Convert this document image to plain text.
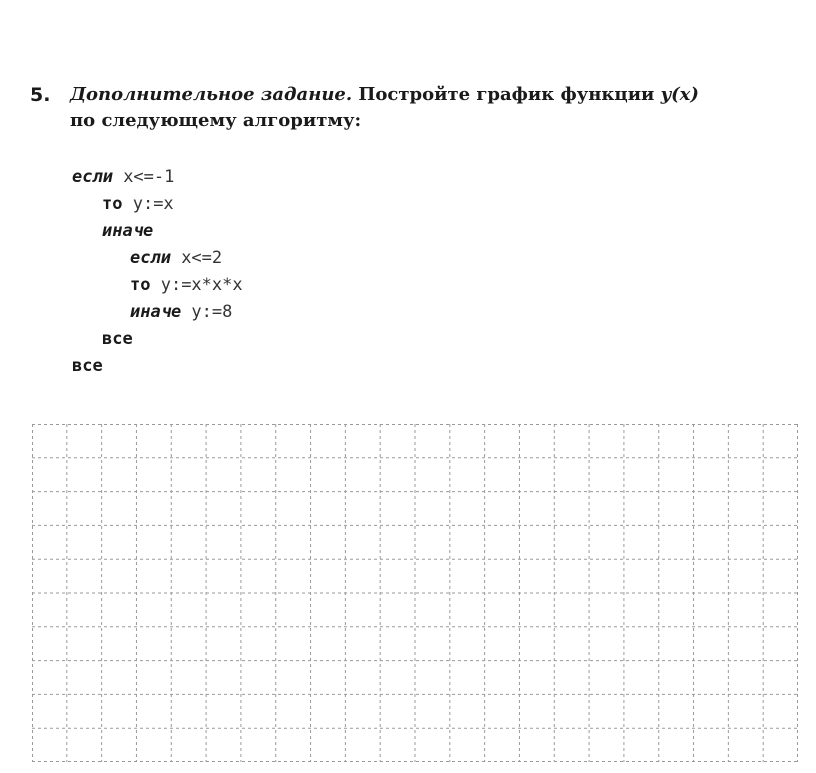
5. Дополнительное задание. Постройте график функции y(x)
по следующему алгоритму:
если x<=-1
то y:=x
иначе
если x<=2
то y:=x*x*x
иначе y:=8
все
все
